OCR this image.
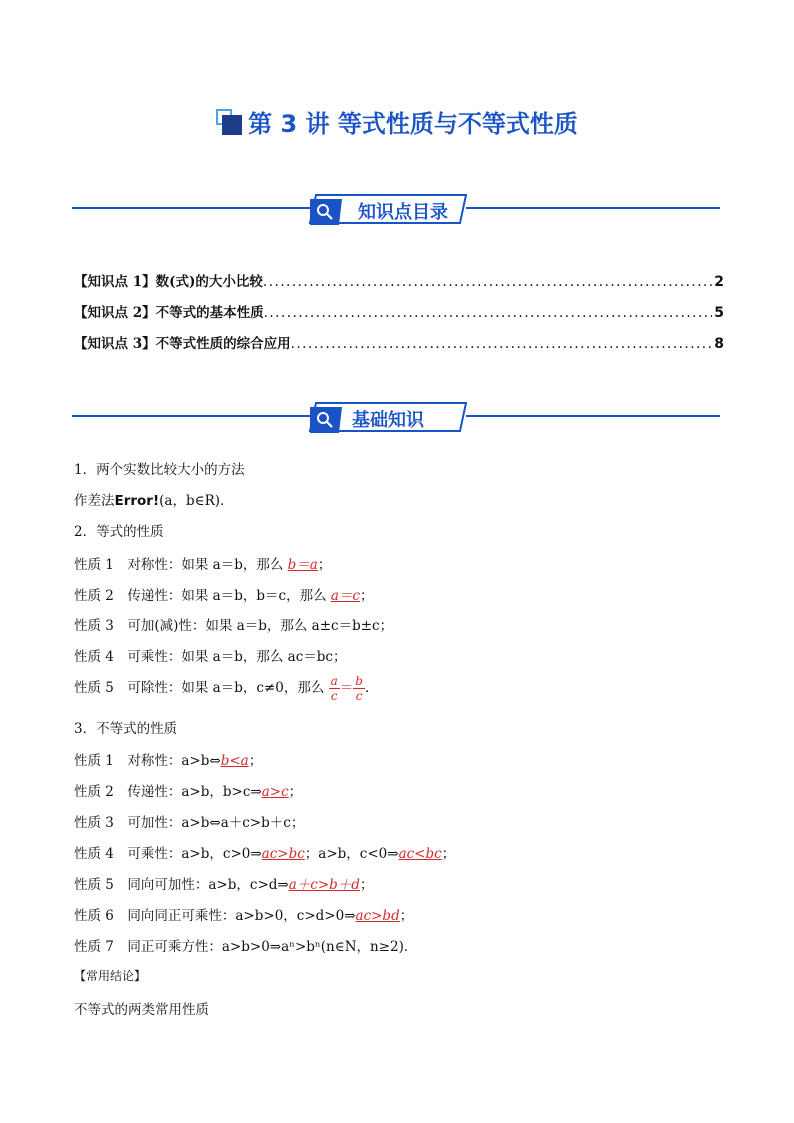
第 3 讲 等式性质与不等式性质
知识点目录
【知识点 1】数(式)的大小比较 .....	2
【知识点 2】不等式的基本性质 .....	5
【知识点 3】不等式性质的综合应用 .....	8
基础知识
1．两个实数比较大小的方法
作差法Error!(a，b∈R)．
2．等式的性质
性质 1　对称性：如果 a＝b，那么 b＝a；
性质 2　传递性：如果 a＝b，b＝c，那么 a＝c；
性质 3　可加(减)性：如果 a＝b，那么 a±c＝b±c；
性质 4　可乘性：如果 a＝b，那么 ac＝bc；
性质 5　可除性：如果 a＝b，c≠0，那么 $\frac{a}{c} = \frac{b}{c}$ ．
3．不等式的性质
性质 1　对称性：a>b⇔b<a；
性质 2　传递性：a>b，b>c⇒a>c；
性质 3　可加性：a>b⇔a＋c>b＋c；
性质 4　可乘性：a>b，c>0⇒ac>bc；a>b，c<0⇒ac<bc；
性质 5　同向可加性：a>b，c>d⇒a＋c>b＋d；
性质 6　同向同正可乘性：a>b>0，c>d>0⇒ac>bd；
性质 7　同正可乘方性：a>b>0⇒aⁿ>bⁿ(n∈N，n≥2)．
【常用结论】
不等式的两类常用性质
